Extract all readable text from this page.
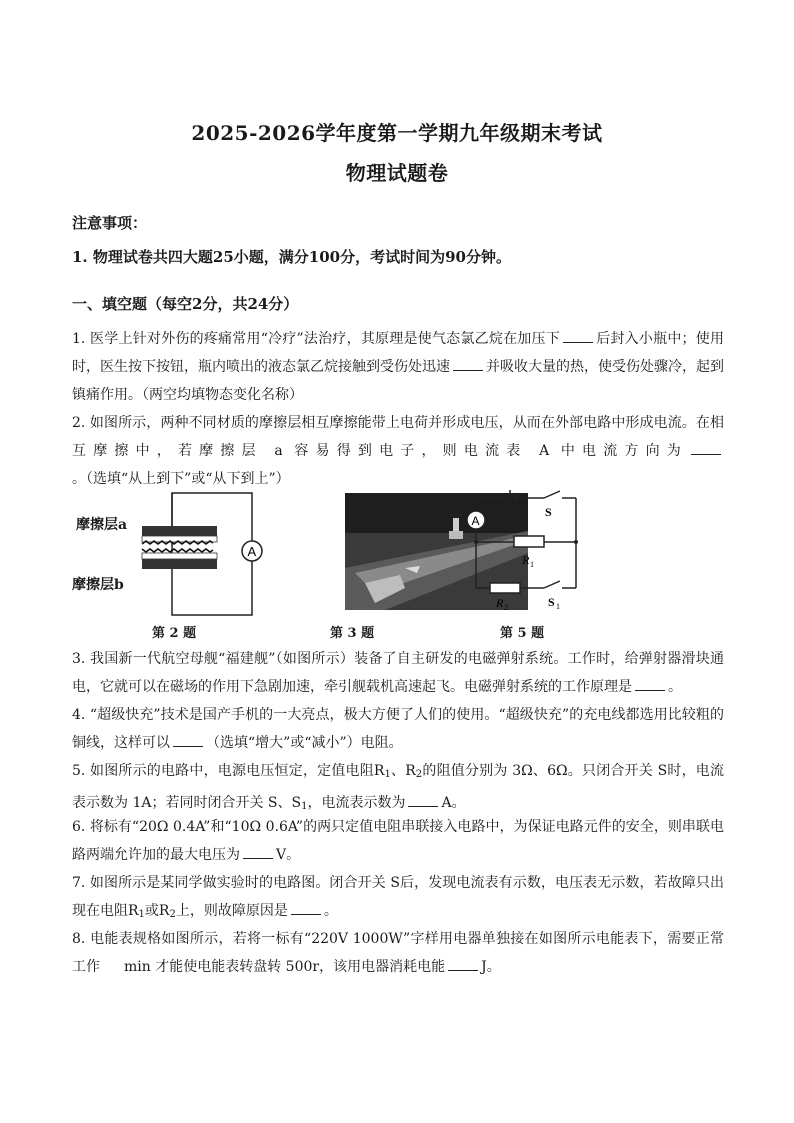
2025-2026学年度第一学期九年级期末考试
物理试题卷
注意事项：
1. 物理试卷共四大题25小题，满分100分，考试时间为90分钟。
一、填空题（每空2分，共24分）
1. 医学上针对外伤的疼痛常用“冷疗”法治疗，其原理是使气态氯乙烷在加压下	后封入小瓶中；使用时，医生按下按钮，瓶内喷出的液态氯乙烷接触到受伤处迅速	并吸收大量的热，使受伤处骤冷，起到镇痛作用。（两空均填物态变化名称）
2. 如图所示，两种不同材质的摩擦层相互摩擦能带上电荷并形成电压，从而在外部电路中形成电流。在相互摩擦中，若摩擦层 a 容易得到电子，则电流表 A 中电流方向为。（选填“从上到下”或“从下到上”）
A
摩擦层a
摩擦层b
第 2 题	第 3 题
A
S
R 1
R 2	S 1
第 5 题
3. 我国新一代航空母舰“福建舰”（如图所示）装备了自主研发的电磁弹射系统。工作时，给弹射器滑块通电，它就可以在磁场的作用下急剧加速，牵引舰载机高速起飞。电磁弹射系统的工作原理是	。
4. “超级快充”技术是国产手机的一大亮点，极大方便了人们的使用。“超级快充”的充电线都选用比较粗的铜线，这样可以	（选填“增大”或“减小”）电阻。
5. 如图所示的电路中，电源电压恒定，定值电阻$R_1$、$R_2$的阻值分别为 3Ω、6Ω。只闭合开关 S时，电流表示数为 1A；若同时闭合开关 S、$S_1$，电流表示数为	A。
6. 将标有“20Ω 0.4A”和“10Ω 0.6A”的两只定值电阻串联接入电路中，为保证电路元件的安全，则串联电路两端允许加的最大电压为	V。
7. 如图所示是某同学做实验时的电路图。闭合开关 S后，发现电流表有示数，电压表无示数，若故障只出现在电阻$R_1$或$R_2$上，则故障原因是	。
8. 电能表规格如图所示，若将一标有“220V 1000W”字样用电器单独接在如图所示电能表下，需要正常工作 min 才能使电能表转盘转 500r，该用电器消耗电能	J。
